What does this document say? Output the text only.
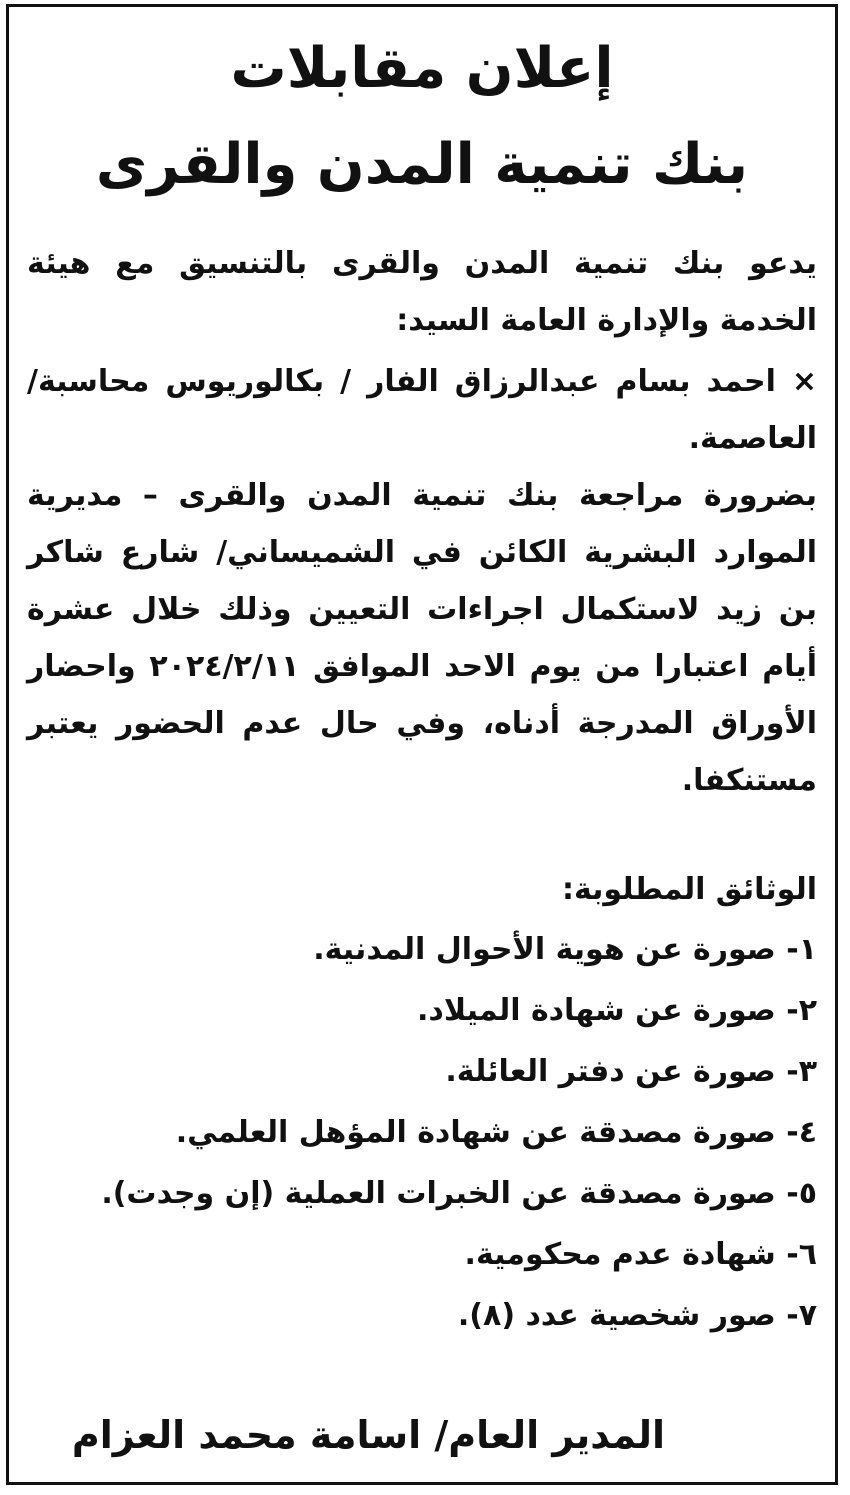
إعلان مقابلات
بنك تنمية المدن والقرى

يدعو بنك تنمية المدن والقرى بالتنسيق مع هيئة الخدمة والإدارة العامة السيد:

× احمد بسام عبدالرزاق الفار / بكالوريوس محاسبة/ العاصمة.

بضرورة مراجعة بنك تنمية المدن والقرى – مديرية الموارد البشرية الكائن في الشميساني/ شارع شاكر بن زيد لاستكمال اجراءات التعيين وذلك خلال عشرة أيام اعتبارا من يوم الاحد الموافق ٢٠٢٤/٢/١١ واحضار الأوراق المدرجة أدناه، وفي حال عدم الحضور يعتبر مستنكفا.

الوثائق المطلوبة:

١- صورة عن هوية الأحوال المدنية.
٢- صورة عن شهادة الميلاد.
٣- صورة عن دفتر العائلة.
٤- صورة مصدقة عن شهادة المؤهل العلمي.
٥- صورة مصدقة عن الخبرات العملية (إن وجدت).
٦- شهادة عدم محكومية.
٧- صور شخصية عدد (٨).
المدير العام/ اسامة محمد العزام
